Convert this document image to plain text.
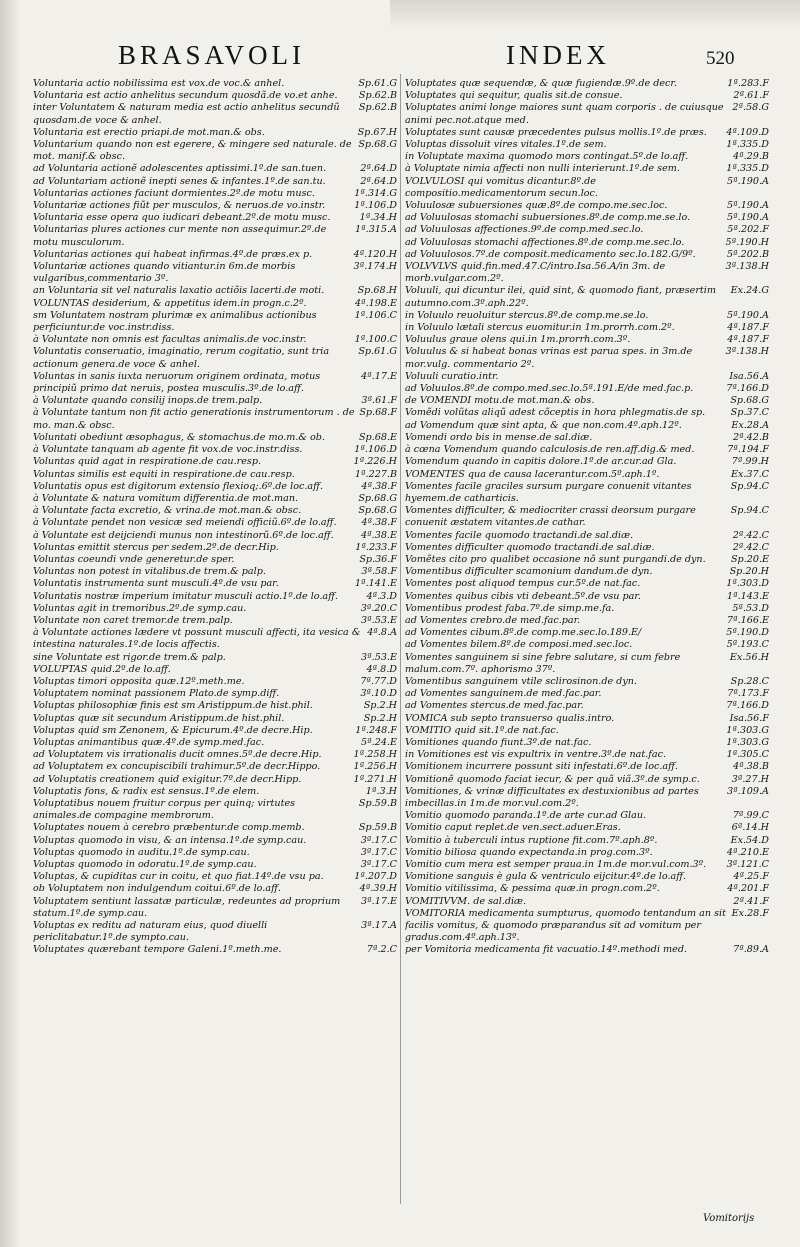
BRASAVOLI	INDEX	520

Sp.61.G
Voluntaria actio nobilissima est vox.de voc.& anhel.

Sp.62.B
Voluntaria est actio anhelitus secundum quosdã.de vo.et anhe.

Sp.62.B
inter Voluntatem & naturam media est actio anhelitus secundũ quosdam.de voce & anhel.

Sp.67.H
Voluntaria est erectio priapi.de mot.man.& obs.

Sp.68.G
Voluntarium quando non est egerere, & mingere sed naturale. de mot. manif.& obsc.

2ª.64.D
ad Voluntaria actionẽ adolescentes aptissimi.1º.de san.tuen.

2ª.64.D
ad Voluntariam actionẽ inepti senes & infantes.1º.de san.tu.

1ª.314.G
Voluntarias actiones faciunt dormientes.2º.de motu musc.

1ª.106.D
Voluntariæ actiones fiũt per musculos, & neruos.de vo.instr.

1ª.34.H
Voluntaria esse opera quo iudicari debeant.2º.de motu musc.

1ª.315.A
Voluntarias plures actiones cur mente non assequimur.2º.de motu musculorum.

4ª.120.H
Voluntarias actiones qui habeat infirmas.4º.de præs.ex p.

3ª.174.H
Voluntariæ actiones quando vitiantur.in 6m.de morbis vulgaribus,commentario 3º.

Sp.68.H
an Voluntaria sit vel naturalis laxatio actiõis lacerti.de moti.

4ª.198.E
VOLUNTAS desiderium, & appetitus idem.in progn.c.2º.

1ª.106.C
sm Voluntatem nostram plurimæ ex animalibus actionibus perficiuntur.de voc.instr.diss.

1ª.100.C
à Voluntate non omnis est facultas animalis.de voc.instr.

Sp.61.G
Voluntatis conseruatio, imaginatio, rerum cogitatio, sunt tria actionum genera.de voce & anhel.

4ª.17.E
Voluntas in sanis iuxta neruorum originem ordinata, motus principiũ primo dat neruis, postea musculis.3º.de lo.aff.

3ª.61.F
à Voluntate quando consilij inops.de trem.palp.

Sp.68.F
à Voluntate tantum non fit actio generationis instrumentorum . de mo. man.& obsc.

Sp.68.E
Voluntati obediunt æsophagus, & stomachus.de mo.m.& ob.

1ª.106.D
à Voluntate tanquam ab agente fit vox.de voc.instr.diss.

1ª.226.H
Voluntas quid agat in respiratione.de cau.resp.

1ª.227.B
Voluntas similis est equiti in respiratione.de cau.resp.

4ª.38.F
Voluntatis opus est digitorum extensio flexioq;.6º.de loc.aff.

Sp.68.G
à Voluntate & natura vomitum differentia.de mot.man.

Sp.68.G
à Voluntate facta excretio, & vrina.de mot.man.& obsc.

4ª.38.F
à Voluntate pendet non vesicæ sed meiendi officiũ.6º.de lo.aff.

4ª.38.E
à Voluntate est deijciendi munus non intestinorũ.6º.de loc.aff.

1ª.233.F
Voluntas emittit stercus per sedem.2º.de decr.Hip.

Sp.36.F
Voluntas coeundi vnde generetur.de sper.

3ª.58.F
Voluntas non potest in vitalibus.de trem.& palp.

1ª.141.E
Voluntatis instrumenta sunt musculi.4º.de vsu par.

4ª.3.D
Voluntatis nostræ imperium imitatur musculi actio.1º.de lo.aff.

3ª.20.C
Voluntas agit in tremoribus.2º.de symp.cau.

3ª.53.E
Voluntate non caret tremor.de trem.palp.

4ª.8.A
à Voluntate actiones lædere vt possunt musculi affecti, ita vesica & intestina naturales.1º.de locis affectis.

3ª.53.E
sine Voluntate est rigor.de trem.& palp.

4ª.8.D
VOLUPTAS quid.2º.de lo.aff.

7ª.77.D
Voluptas timori opposita quæ.12º.meth.me.

3ª.10.D
Voluptatem nominat passionem Plato.de symp.diff.

Sp.2.H
Voluptas philosophiæ finis est sm Aristippum.de hist.phil.

Sp.2.H
Voluptas quæ sit secundum Aristippum.de hist.phil.

1ª.248.F
Voluptas quid sm Zenonem, & Epicurum.4º.de decre.Hip.

5ª.24.E
Voluptas animantibus quæ.4º.de symp.med.fac.

1ª.258.H
ad Voluptatem vis irrationalis ducit omnes.5º.de decre.Hip.

1ª.256.H
ad Voluptatem ex concupiscibili trahimur.5º.de decr.Hippo.

1ª.271.H
ad Voluptatis creationem quid exigitur.7º.de decr.Hipp.

1ª.3.H
Voluptatis fons, & radix est sensus.1º.de elem.

Sp.59.B
Voluptatibus nouem fruitur corpus per quinq; virtutes animales.de compagine membrorum.

Sp.59.B
Voluptates nouem à cerebro præbentur.de comp.memb.

3ª.17.C
Voluptas quomodo in visu, & an intensa.1º.de symp.cau.

3ª.17.C
Voluptas quomodo in auditu.1º.de symp.cau.

3ª.17.C
Voluptas quomodo in odoratu.1º.de symp.cau.

1ª.207.D
Voluptas, & cupiditas cur in coitu, et quo fiat.14º.de vsu pa.

4ª.39.H
ob Voluptatem non indulgendum coitui.6º.de lo.aff.

3ª.17.E
Voluptatem sentiunt lassatæ particulæ, redeuntes ad proprium statum.1º.de symp.cau.

3ª.17.A
Voluptas ex reditu ad naturam eius, quod diuelli periclitabatur.1º.de sympto.cau.

7ª.2.C
Voluptates quærebant tempore Galeni.1º.meth.me.

1ª.283.F
Voluptates quæ sequendæ, & quæ fugiendæ.9º.de decr.

2ª.61.F
Voluptates qui sequitur, qualis sit.de consue.

2ª.58.G
Voluptates animi longe maiores sunt quam corporis . de cuiusque animi pec.not.atque med.

4ª.109.D
Voluptates sunt causæ præcedentes pulsus mollis.1º.de præs.

1ª.335.D
Voluptas dissoluit vires vitales.1º.de sem.

4ª.29.B
in Voluptate maxima quomodo mors contingat.5º.de lo.aff.

1ª.335.D
à Voluptate nimia affecti non nulli interierunt.1º.de sem.

5ª.190.A
VOLVULOSI qui vomitus dicantur.8º.de compositio.medicamentorum secun.loc.

5ª.190.A
Voluulosæ subuersiones quæ.8º.de compo.me.sec.loc.

5ª.190.A
ad Voluulosas stomachi subuersiones.8º.de comp.me.se.lo.

5ª.202.F
ad Voluulosas affectiones.9º.de comp.med.sec.lo.

5ª.190.H
ad Voluulosas stomachi affectiones.8º.de comp.me.sec.lo.

5ª.202.B
ad Voluulosos.7º.de composit.medicamento sec.lo.182.G/9º.

3ª.138.H
VOLVVLVS quid.fin.med.47.C/intro.Isa.56.A/in 3m. de morb.vulgar.com.2º.

Ex.24.G
Voluuli, qui dicuntur ilei, quid sint, & quomodo fiant, præsertim autumno.com.3º.aph.22º.

5ª.190.A
in Voluulo reuoluitur stercus.8º.de comp.me.se.lo.

4ª.187.F
in Voluulo lætali stercus euomitur.in 1m.prorrh.com.2º.

4ª.187.F
Voluulus graue olens qui.in 1m.prorrh.com.3º.

3ª.138.H
Voluulus & si habeat bonas vrinas est parua spes. in 3m.de mor.vulg. commentario 2º.

Isa.56.A
Voluuli curatio.intr.

7ª.166.D
ad Voluulos.8º.de compo.med.sec.lo.5ª.191.E/de med.fac.p.

Sp.68.G
de VOMENDI motu.de mot.man.& obs.

Sp.37.C
Vomẽdi volũtas aliqũ adest cõceptis in hora phlegmatis.de sp.

Ex.28.A
ad Vomendum quæ sint apta, & que non.com.4º.aph.12º.

2ª.42.B
Vomendi ordo bis in mense.de sal.diæ.

7ª.194.F
à cœna Vomendum quando calculosis.de ren.aff.dig.& med.

7ª.99.H
Vomendum quando in capitis dolore.1º.de ar.cur.ad Gla.

Ex.37.C
VOMENTES qua de causa lacerantur.com.5º.aph.1º.

Sp.94.C
Vomentes facile graciles sursum purgare conuenit vitantes hyemem.de catharticis.

Sp.94.C
Vomentes difficulter, & mediocriter crassi deorsum purgare conuenit æstatem vitantes.de cathar.

2ª.42.C
Vomentes facile quomodo tractandi.de sal.diæ.

2ª.42.C
Vomentes difficulter quomodo tractandi.de sal.diæ.

Sp.20.E
Vomẽtes cito pro qualibet occasione nõ sunt purgandi.de dyn.

Sp.20.H
Vomentibus difficulter scamonium dandum.de dyn.

1ª.303.D
Vomentes post aliquod tempus cur.5º.de nat.fac.

1ª.143.E
Vomentes quibus cibis vti debeant.5º.de vsu par.

5ª.53.D
Vomentibus prodest faba.7º.de simp.me.fa.

7ª.166.E
ad Vomentes crebro.de med.fac.par.

5ª.190.D
ad Vomentes cibum.8º.de comp.me.sec.lo.189.E/

5ª.193.C
ad Vomentes bilem.8º.de composi.med.sec.loc.

Ex.56.H
Vomentes sanguinem si sine febre salutare, si cum febre malum.com.7º. aphorismo 37º.

Sp.28.C
Vomentibus sanguinem vtile sclirosinon.de dyn.

7ª.173.F
ad Vomentes sanguinem.de med.fac.par.

7ª.166.D
ad Vomentes stercus.de med.fac.par.

Isa.56.F
VOMICA sub septo transuerso qualis.intro.

1ª.303.G
VOMITIO quid sit.1º.de nat.fac.

1ª.303.G
Vomitiones quando fiunt.3º.de nat.fac.

1ª.305.C
in Vomitiones est vis expultrix in ventre.3º.de nat.fac.

4ª.38.B
Vomitionem incurrere possunt siti infestati.6º.de loc.aff.

3ª.27.H
Vomitionẽ quomodo faciat iecur, & per quã viã.3º.de symp.c.

3ª.109.A
Vomitiones, & vrinæ difficultates ex destuxionibus ad partes imbecillas.in 1m.de mor.vul.com.2º.

7ª.99.C
Vomitio quomodo paranda.1º.de arte cur.ad Glau.

6ª.14.H
Vomitio caput replet.de ven.sect.aduer.Eras.

Ex.54.D
Vomitio à tuberculi intus ruptione fit.com.7º.aph.8º.

4ª.210.E
Vomitio biliosa quando expectanda.in prog.com.3º.

3ª.121.C
Vomitio cum mera est semper praua.in 1m.de mor.vul.com.3º.

4ª.25.F
Vomitione sanguis è gula & ventriculo eijcitur.4º.de lo.aff.

4ª.201.F
Vomitio vitilissima, & pessima quæ.in progn.com.2º.

2ª.41.F
VOMITIVVM. de sal.diæ.

Ex.28.F
VOMITORIA medicamenta sumpturus, quomodo tentandum an sit facilis vomitus, & quomodo præparandus sit ad vomitum per gradus.com.4º.aph.13º.

7ª.89.A
per Vomitoria medicamenta fit vacuatio.14º.methodi med.

Vomitorijs
